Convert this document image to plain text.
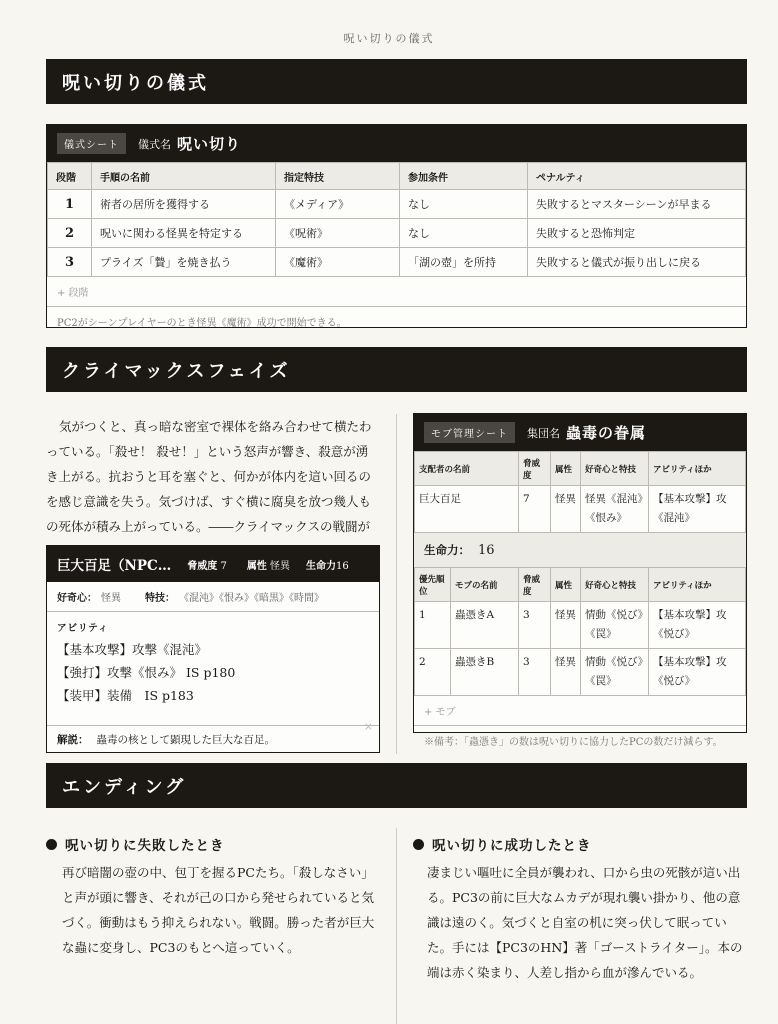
呪い切りの儀式
呪い切りの儀式
儀式シート	儀式名 呪い切り
段階	手順の名前	指定特技	参加条件	ペナルティ
1	術者の居所を獲得する	《メディア》	なし	失敗するとマスターシーンが早まる
2	呪いに関わる怪異を特定する	《呪術》	なし	失敗すると恐怖判定
3	プライズ「贄」を焼き払う	《魔術》	「湖の壺」を所持	失敗すると儀式が振り出しに戻る
+ 段階
PC2がシーンプレイヤーのとき怪異《魔術》成功で開始できる。
クライマックスフェイズ
気がつくと、真っ暗な密室で裸体を絡み合わせて横たわっている。「殺せ！ 殺せ！」という怒声が響き、殺意が湧き上がる。抗おうと耳を塞ぐと、何かが体内を這い回るのを感じ意識を失う。気づけば、すぐ横に腐臭を放つ幾人もの死体が積み上がっている。――クライマックスの戦闘が
巨大百足（NPC… 脅威度 7 属性 怪異 生命力16
好奇心： 怪異 特技： 《混沌》《恨み》《暗黒》《時間》
アビリティ
【基本攻撃】攻撃《混沌》
【強打】攻撃《恨み》 IS p180
【装甲】装備　IS p183
解説： 蟲毒の核として顕現した巨大な百足。
×
モブ管理シート	集団名 蟲毒の眷属
支配者の名前	脅威度	属性	好奇心と特技	アビリティほか
巨大百足	7	怪異	怪異《混沌》《恨み》	【基本攻撃】攻《混沌》
生命力： 16
優先順位	モブの名前	脅威度	属性	好奇心と特技	アビリティほか
1	蟲憑きA	3	怪異	情動《悦び》《罠》	【基本攻撃】攻《悦び》
2	蟲憑きB	3	怪異	情動《悦び》《罠》	【基本攻撃】攻《悦び》
+ モブ
※備考：「蟲憑き」の数は呪い切りに協力したPCの数だけ減らす。
エンディング
呪い切りに失敗したとき
再び暗闇の壺の中、包丁を握るPCたち。「殺しなさい」と声が頭に響き、それが己の口から発せられていると気づく。衝動はもう抑えられない。戦闘。勝った者が巨大な蟲に変身し、PC3のもとへ這っていく。
呪い切りに成功したとき
凄まじい嘔吐に全員が襲われ、口から虫の死骸が這い出る。PC3の前に巨大なムカデが現れ襲い掛かり、他の意識は遠のく。気づくと自室の机に突っ伏して眠っていた。手には【PC3のHN】著「ゴーストライター」。本の端は赤く染まり、人差し指から血が滲んでいる。
